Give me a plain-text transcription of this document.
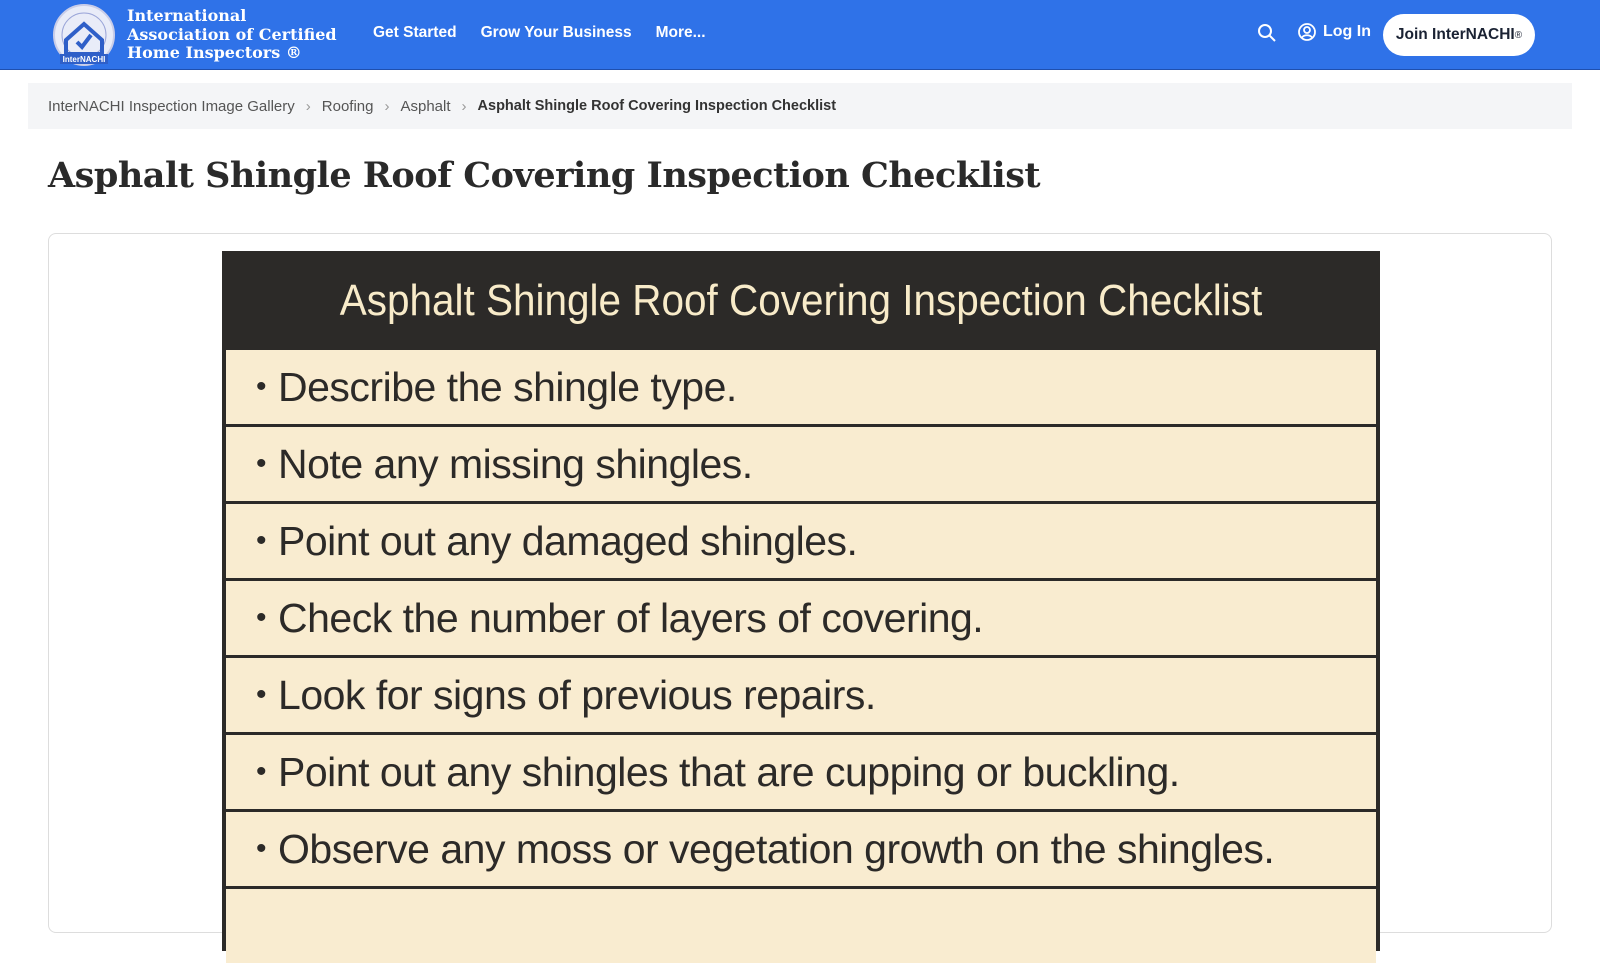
InterNACHI
International
Association of Certified
Home Inspectors ®
Get Started Grow Your Business More...	Log In Join InterNACHI ®
InterNACHI Inspection Image Gallery › Roofing › Asphalt › Asphalt Shingle Roof Covering Inspection Checklist
Asphalt Shingle Roof Covering Inspection Checklist
Asphalt Shingle Roof Covering Inspection Checklist
• Describe the shingle type.
• Note any missing shingles.
• Point out any damaged shingles.
• Check the number of layers of covering.
• Look for signs of previous repairs.
• Point out any shingles that are cupping or buckling.
• Observe any moss or vegetation growth on the shingles.
